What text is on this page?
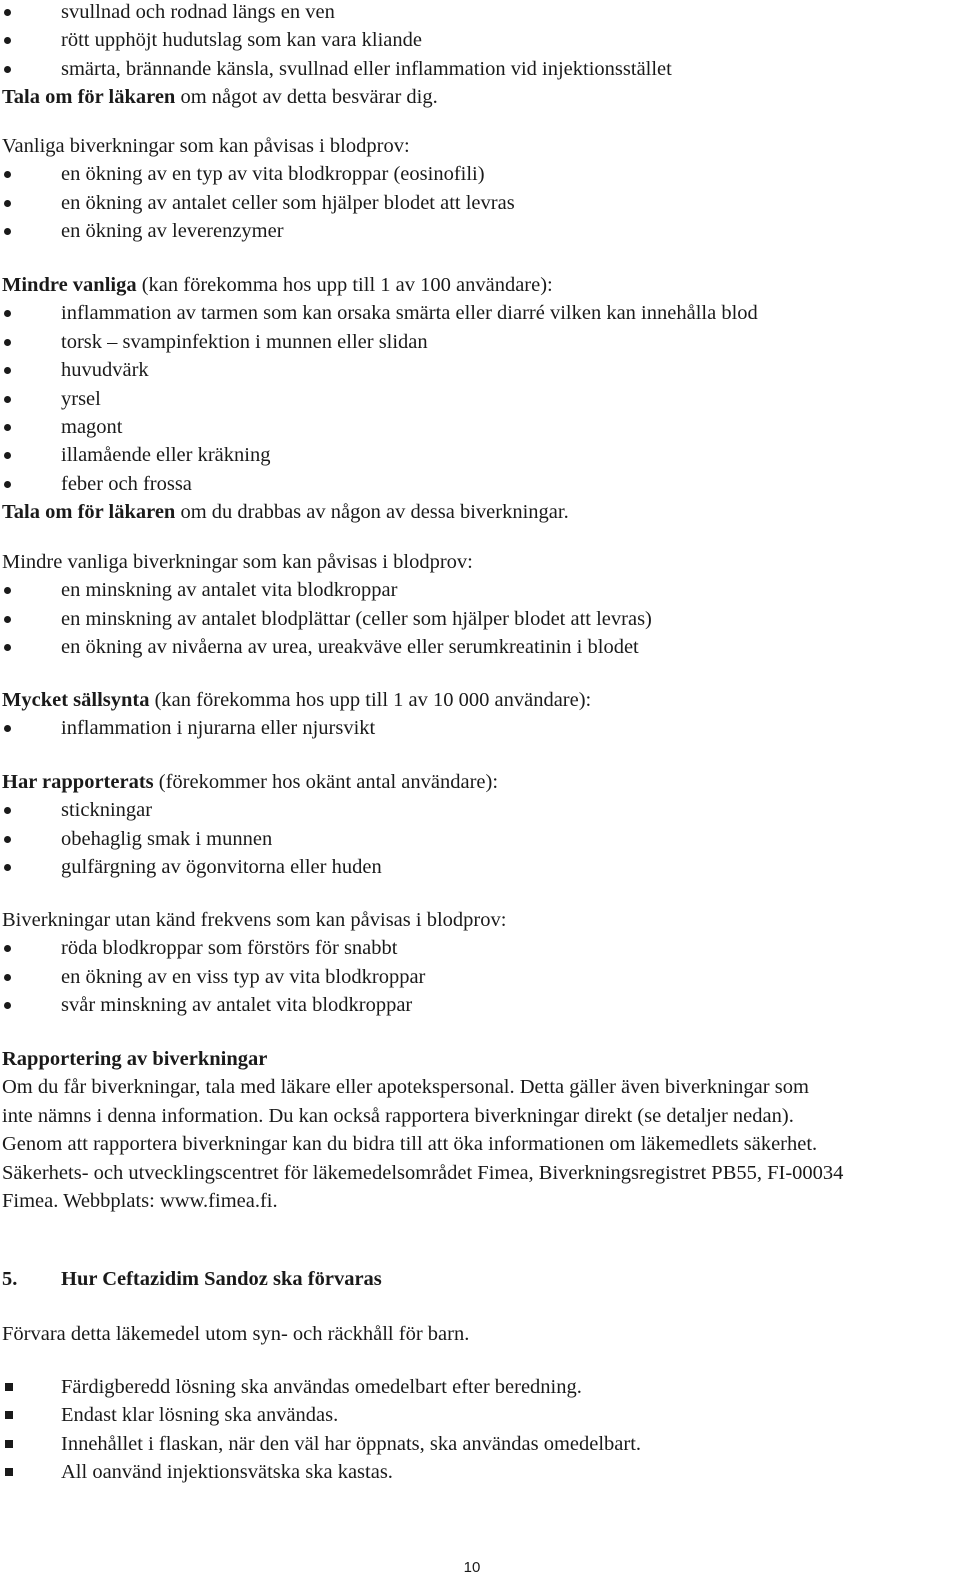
svullnad och rodnad längs en ven
rött upphöjt hudutslag som kan vara kliande
smärta, brännande känsla, svullnad eller inflammation vid injektionsstället
Tala om för läkaren om något av detta besvärar dig.
Vanliga biverkningar som kan påvisas i blodprov:
en ökning av en typ av vita blodkroppar (eosinofili)
en ökning av antalet celler som hjälper blodet att levras
en ökning av leverenzymer
Mindre vanliga (kan förekomma hos upp till 1 av 100 användare):
inflammation av tarmen som kan orsaka smärta eller diarré vilken kan innehålla blod
torsk – svampinfektion i munnen eller slidan
huvudvärk
yrsel
magont
illamående eller kräkning
feber och frossa
Tala om för läkaren om du drabbas av någon av dessa biverkningar.
Mindre vanliga biverkningar som kan påvisas i blodprov:
en minskning av antalet vita blodkroppar
en minskning av antalet blodplättar (celler som hjälper blodet att levras)
en ökning av nivåerna av urea, ureakväve eller serumkreatinin i blodet
Mycket sällsynta (kan förekomma hos upp till 1 av 10 000 användare):
inflammation i njurarna eller njursvikt
Har rapporterats (förekommer hos okänt antal användare):
stickningar
obehaglig smak i munnen
gulfärgning av ögonvitorna eller huden
Biverkningar utan känd frekvens som kan påvisas i blodprov:
röda blodkroppar som förstörs för snabbt
en ökning av en viss typ av vita blodkroppar
svår minskning av antalet vita blodkroppar
Rapportering av biverkningar
Om du får biverkningar, tala med läkare eller apotekspersonal. Detta gäller även biverkningar som
inte nämns i denna information. Du kan också rapportera biverkningar direkt (se detaljer nedan).
Genom att rapportera biverkningar kan du bidra till att öka informationen om läkemedlets säkerhet.
Säkerhets- och utvecklingscentret för läkemedelsområdet Fimea, Biverkningsregistret PB55, FI-00034
Fimea. Webbplats: www.fimea.fi.
5. Hur Ceftazidim Sandoz ska förvaras
Förvara detta läkemedel utom syn- och räckhåll för barn.
Färdigberedd lösning ska användas omedelbart efter beredning.
Endast klar lösning ska användas.
Innehållet i flaskan, när den väl har öppnats, ska användas omedelbart.
All oanvänd injektionsvätska ska kastas.
10
